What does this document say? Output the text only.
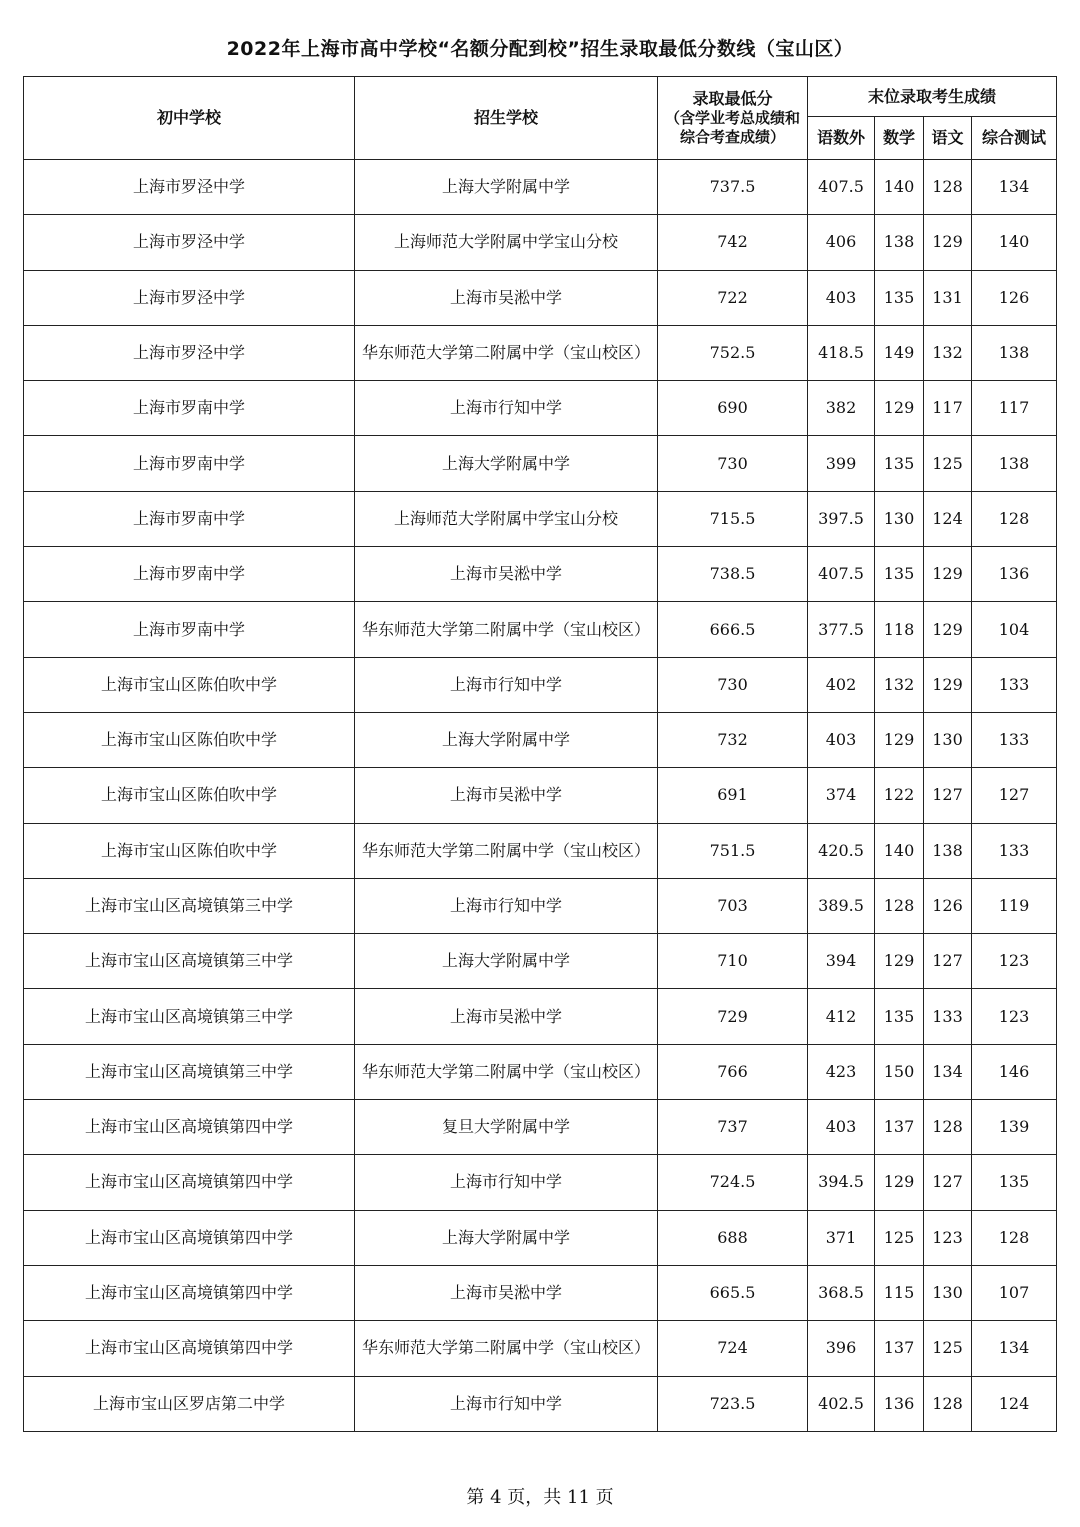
2022年上海市高中学校“名额分配到校”招生录取最低分数线（宝山区）
初中学校	招生学校	录取最低分
（含学业考总成绩和综合考查成绩）	末位录取考生成绩			
			语数外	数学	语文	综合测试
上海市罗泾中学	上海大学附属中学	737.5	407.5	140	128	134
上海市罗泾中学	上海师范大学附属中学宝山分校	742	406	138	129	140
上海市罗泾中学	上海市吴淞中学	722	403	135	131	126
上海市罗泾中学	华东师范大学第二附属中学（宝山校区）	752.5	418.5	149	132	138
上海市罗南中学	上海市行知中学	690	382	129	117	117
上海市罗南中学	上海大学附属中学	730	399	135	125	138
上海市罗南中学	上海师范大学附属中学宝山分校	715.5	397.5	130	124	128
上海市罗南中学	上海市吴淞中学	738.5	407.5	135	129	136
上海市罗南中学	华东师范大学第二附属中学（宝山校区）	666.5	377.5	118	129	104
上海市宝山区陈伯吹中学	上海市行知中学	730	402	132	129	133
上海市宝山区陈伯吹中学	上海大学附属中学	732	403	129	130	133
上海市宝山区陈伯吹中学	上海市吴淞中学	691	374	122	127	127
上海市宝山区陈伯吹中学	华东师范大学第二附属中学（宝山校区）	751.5	420.5	140	138	133
上海市宝山区高境镇第三中学	上海市行知中学	703	389.5	128	126	119
上海市宝山区高境镇第三中学	上海大学附属中学	710	394	129	127	123
上海市宝山区高境镇第三中学	上海市吴淞中学	729	412	135	133	123
上海市宝山区高境镇第三中学	华东师范大学第二附属中学（宝山校区）	766	423	150	134	146
上海市宝山区高境镇第四中学	复旦大学附属中学	737	403	137	128	139
上海市宝山区高境镇第四中学	上海市行知中学	724.5	394.5	129	127	135
上海市宝山区高境镇第四中学	上海大学附属中学	688	371	125	123	128
上海市宝山区高境镇第四中学	上海市吴淞中学	665.5	368.5	115	130	107
上海市宝山区高境镇第四中学	华东师范大学第二附属中学（宝山校区）	724	396	137	125	134
上海市宝山区罗店第二中学	上海市行知中学	723.5	402.5	136	128	124
第 4 页，共 11 页
